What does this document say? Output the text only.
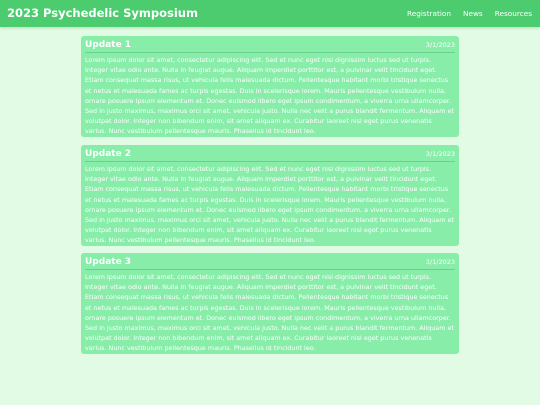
2023 Psychedelic Symposium	Registration News Resources
Update 1	3/1/2023

Lorem ipsum dolor sit amet, consectetur adipiscing elit. Sed et nunc eget nisi dignissim luctus sed ut turpis. Integer vitae odio ante. Nulla in feugiat augue. Aliquam imperdiet porttitor est, a pulvinar velit tincidunt eget. Etiam consequat massa risus, ut vehicula felis malesuada dictum. Pellentesque habitant morbi tristique senectus et netus et malesuada fames ac turpis egestas. Duis in scelerisque lorem. Mauris pellentesque vestibulum nulla, ornare posuere ipsum elementum et. Donec euismod libero eget ipsum condimentum, a viverra urna ullamcorper. Sed in justo maximus, maximus orci sit amet, vehicula justo. Nulla nec velit a purus blandit fermentum. Aliquam et volutpat dolor. Integer non bibendum enim, sit amet aliquam ex. Curabitur laoreet nisl eget purus venenatis varius. Nunc vestibulum pellentesque mauris. Phasellus id tincidunt leo.

Update 2	3/1/2023

Lorem ipsum dolor sit amet, consectetur adipiscing elit. Sed et nunc eget nisi dignissim luctus sed ut turpis. Integer vitae odio ante. Nulla in feugiat augue. Aliquam imperdiet porttitor est, a pulvinar velit tincidunt eget. Etiam consequat massa risus, ut vehicula felis malesuada dictum. Pellentesque habitant morbi tristique senectus et netus et malesuada fames ac turpis egestas. Duis in scelerisque lorem. Mauris pellentesque vestibulum nulla, ornare posuere ipsum elementum et. Donec euismod libero eget ipsum condimentum, a viverra urna ullamcorper. Sed in justo maximus, maximus orci sit amet, vehicula justo. Nulla nec velit a purus blandit fermentum. Aliquam et volutpat dolor. Integer non bibendum enim, sit amet aliquam ex. Curabitur laoreet nisl eget purus venenatis varius. Nunc vestibulum pellentesque mauris. Phasellus id tincidunt leo.

Update 3	3/1/2023

Lorem ipsum dolor sit amet, consectetur adipiscing elit. Sed et nunc eget nisi dignissim luctus sed ut turpis. Integer vitae odio ante. Nulla in feugiat augue. Aliquam imperdiet porttitor est, a pulvinar velit tincidunt eget. Etiam consequat massa risus, ut vehicula felis malesuada dictum. Pellentesque habitant morbi tristique senectus et netus et malesuada fames ac turpis egestas. Duis in scelerisque lorem. Mauris pellentesque vestibulum nulla, ornare posuere ipsum elementum et. Donec euismod libero eget ipsum condimentum, a viverra urna ullamcorper. Sed in justo maximus, maximus orci sit amet, vehicula justo. Nulla nec velit a purus blandit fermentum. Aliquam et volutpat dolor. Integer non bibendum enim, sit amet aliquam ex. Curabitur laoreet nisl eget purus venenatis varius. Nunc vestibulum pellentesque mauris. Phasellus id tincidunt leo.
